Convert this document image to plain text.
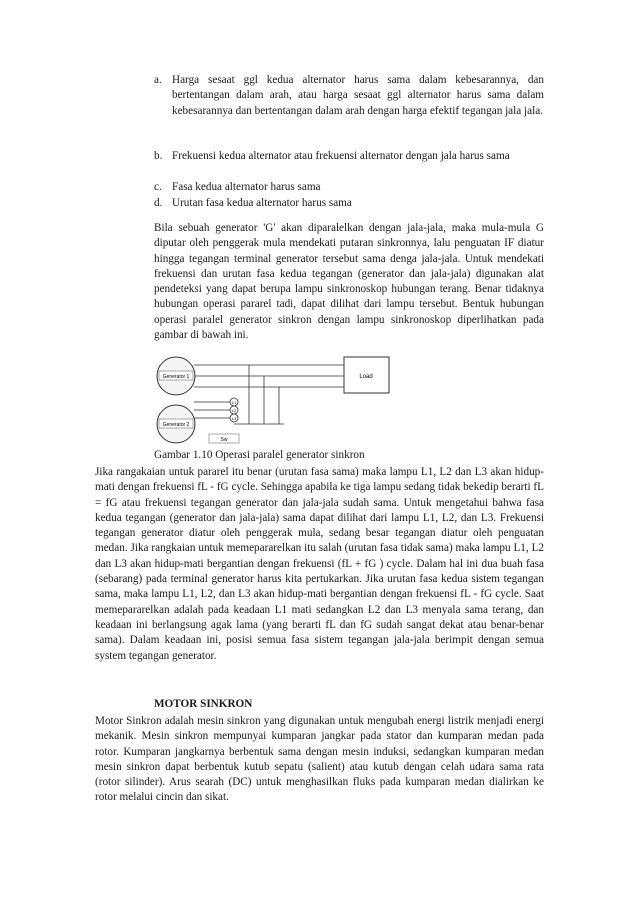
a. Harga sesaat ggl kedua alternator harus sama dalam kebesarannya, dan bertentangan dalam arah, atau harga sesaat ggl alternator harus sama dalam kebesarannya dan bertentangan dalam arah dengan harga efektif tegangan jala jala.
b. Frekuensi kedua alternator atau frekuensi alternator dengan jala harus sama
c. Fasa kedua alternator harus sama
d. Urutan fasa kedua alternator harus sama
Bila sebuah generator 'G' akan diparalelkan dengan jala-jala, maka mula-mula G diputar oleh penggerak mula mendekati putaran sinkronnya, lalu penguatan IF diatur hingga tegangan terminal generator tersebut sama denga jala-jala. Untuk mendekati frekuensi dan urutan fasa kedua tegangan (generator dan jala-jala) digunakan alat pendeteksi yang dapat berupa lampu sinkronoskop hubungan terang. Benar tidaknya hubungan operasi pararel tadi, dapat dilihat dari lampu tersebut. Bentuk hubungan operasi paralel generator sinkron dengan lampu sinkronoskop diperlihatkan pada gambar di bawah ini.
Generator 1
Generator 2
Load
L1
L2
L3
Sw
Gambar 1.10 Operasi paralel generator sinkron
Jika rangakaian untuk pararel itu benar (urutan fasa sama) maka lampu L1, L2 dan L3 akan hidup-mati dengan frekuensi fL - fG cycle. Sehingga apabila ke tiga lampu sedang tidak bekedip berarti fL = fG atau frekuensi tegangan generator dan jala-jala sudah sama. Untuk mengetahui bahwa fasa kedua tegangan (generator dan jala-jala) sama dapat dilihat dari lampu L1, L2, dan L3. Frekuensi tegangan generator diatur oleh penggerak mula, sedang besar tegangan diatur oleh penguatan medan. Jika rangkaian untuk memepararelkan itu salah (urutan fasa tidak sama) maka lampu L1, L2 dan L3 akan hidup-mati bergantian dengan frekuensi (fL + fG ) cycle. Dalam hal ini dua buah fasa (sebarang) pada terminal generator harus kita pertukarkan. Jika urutan fasa kedua sistem tegangan sama, maka lampu L1, L2, dan L3 akan hidup-mati bergantian dengan frekuensi fL - fG cycle. Saat memepararelkan adalah pada keadaan L1 mati sedangkan L2 dan L3 menyala sama terang, dan keadaan ini berlangsung agak lama (yang berarti fL dan fG sudah sangat dekat atau benar-benar sama). Dalam keadaan ini, posisi semua fasa sistem tegangan jala-jala berimpit dengan semua system tegangan generator.
MOTOR SINKRON
Motor Sinkron adalah mesin sinkron yang digunakan untuk mengubah energi listrik menjadi energi mekanik. Mesin sinkron mempunyai kumparan jangkar pada stator dan kumparan medan pada rotor. Kumparan jangkarnya berbentuk sama dengan mesin induksi, sedangkan kumparan medan mesin sinkron dapat berbentuk kutub sepatu (salient) atau kutub dengan celah udara sama rata (rotor silinder). Arus searah (DC) untuk menghasilkan fluks pada kumparan medan dialirkan ke rotor melalui cincin dan sikat.
